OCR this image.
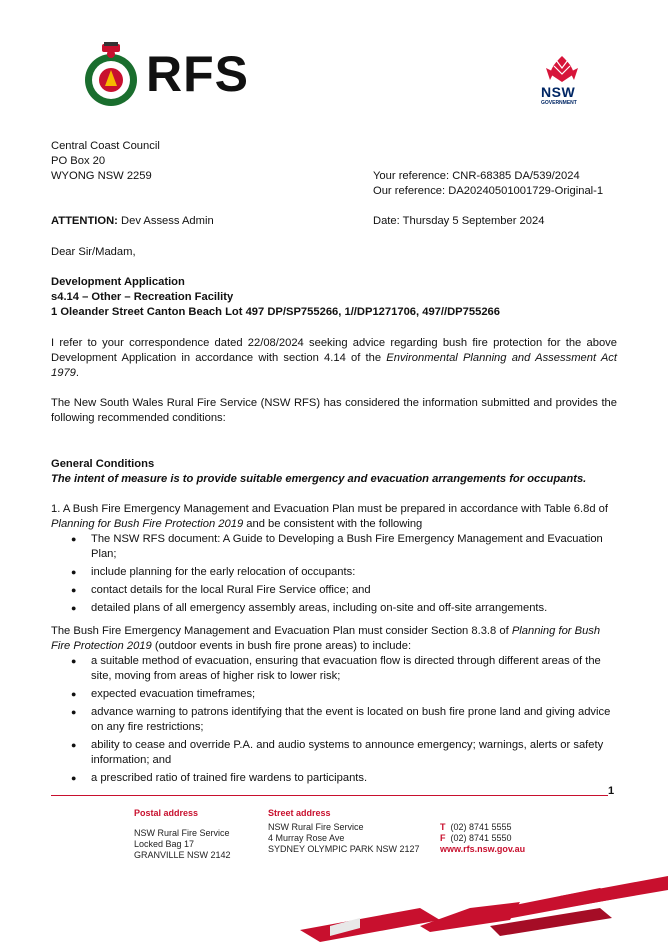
RFS	NSW
GOVERNMENT
Central Coast Council
PO Box 20
WYONG NSW 2259	Your reference: CNR-68385 DA/539/2024
Our reference: DA20240501001729-Original-1
ATTENTION: Dev Assess Admin	Date: Thursday 5 September 2024
Dear Sir/Madam,
Development Application
s4.14 – Other – Recreation Facility
1 Oleander Street Canton Beach Lot 497 DP/SP755266, 1//DP1271706, 497//DP755266
I refer to your correspondence dated 22/08/2024 seeking advice regarding bush fire protection for the above Development Application in accordance with section 4.14 of the Environmental Planning and Assessment Act 1979.
The New South Wales Rural Fire Service (NSW RFS) has considered the information submitted and provides the following recommended conditions:
General Conditions
The intent of measure is to provide suitable emergency and evacuation arrangements for occupants.
1. A Bush Fire Emergency Management and Evacuation Plan must be prepared in accordance with Table 6.8d of Planning for Bush Fire Protection 2019 and be consistent with the following
● The NSW RFS document: A Guide to Developing a Bush Fire Emergency Management and Evacuation Plan;
● include planning for the early relocation of occupants:
● contact details for the local Rural Fire Service office; and
● detailed plans of all emergency assembly areas, including on-site and off-site arrangements.
The Bush Fire Emergency Management and Evacuation Plan must consider Section 8.3.8 of Planning for Bush Fire Protection 2019 (outdoor events in bush fire prone areas) to include:
● a suitable method of evacuation, ensuring that evacuation flow is directed through different areas of the site, moving from areas of higher risk to lower risk;
● expected evacuation timeframes;
● advance warning to patrons identifying that the event is located on bush fire prone land and giving advice on any fire restrictions;
● ability to cease and override P.A. and audio systems to announce emergency; warnings, alerts or safety information; and
● a prescribed ratio of trained fire wardens to participants.
1
Postal address
NSW Rural Fire Service
Locked Bag 17
GRANVILLE NSW 2142
Street address
NSW Rural Fire Service
4 Murray Rose Ave
SYDNEY OLYMPIC PARK NSW 2127
T (02) 8741 5555
F (02) 8741 5550
www.rfs.nsw.gov.au
